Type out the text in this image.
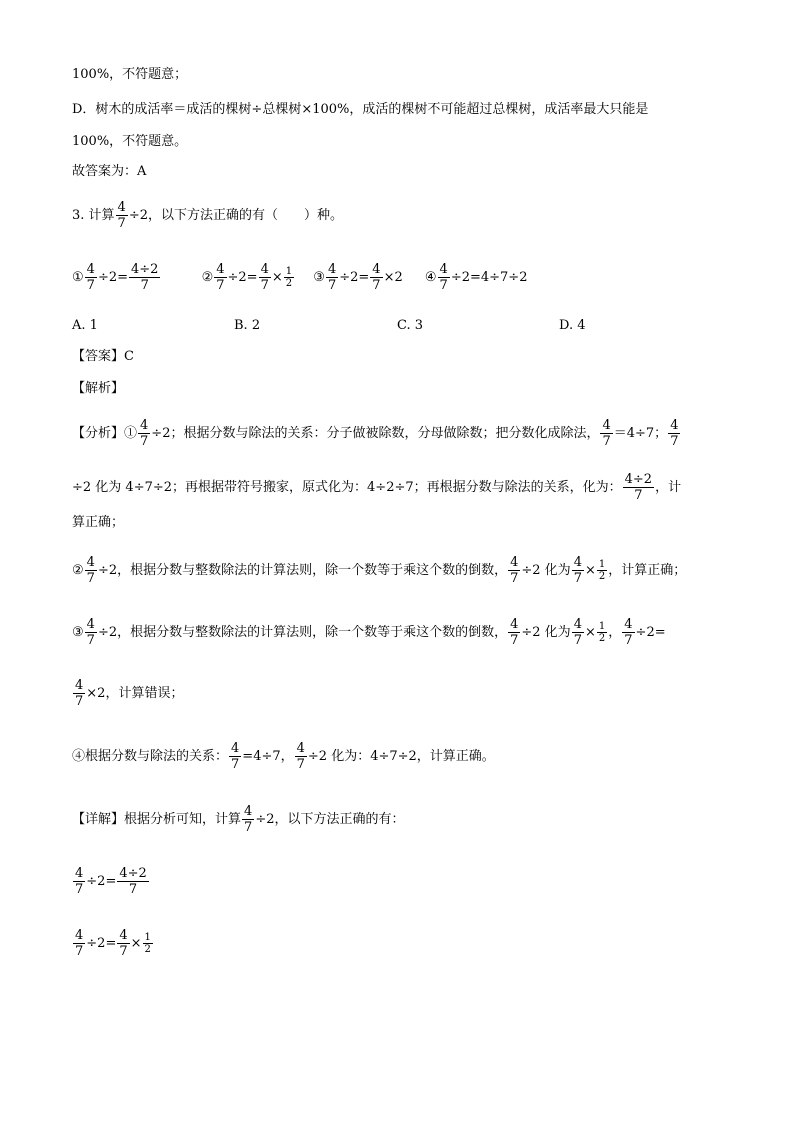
100%，不符题意；
D．树木的成活率＝成活的棵树÷总棵树×100%，成活的棵树不可能超过总棵树，成活率最大只能是
100%，不符题意。
故答案为：A
3. 计算 $\frac{4}{7} \div 2$，以下方法正确的有（　　）种。
① $\frac{4}{7} \div 2= \frac{4\div 2}{7}$
	② $\frac{4}{7} \div 2= \frac{4}{7} \times \frac{1}{2}$
③ $\frac{4}{7} \div 2= \frac{4}{7} \times 2$
④ $\frac{4}{7} \div 2=4\div 7\div 2$
A. 1	B. 2	C. 3	D. 4
【答案】C
【解析】
【分析】① $\frac{4}{7} \div 2$；根据分数与除法的关系：分子做被除数，分母做除数；把分数化成除法， 4
7
＝4÷7； 4
7
÷2 化为 4÷7÷2；再根据带符号搬家，原式化为：4÷2÷7；再根据分数与除法的关系，化为： 4÷2
7
，计
算正确；
② $\frac{4}{7} \div 2$，根据分数与整数除法的计算法则，除一个数等于乘这个数的倒数， $\frac{4}{7} \div 2$ 化为 $\frac{4}{7} \times \frac{1}{2}$ ，计算正确；
③ $\frac{4}{7} \div 2$，根据分数与整数除法的计算法则，除一个数等于乘这个数的倒数， $\frac{4}{7} \div 2$ 化为 $\frac{4}{7} \times \frac{1}{2}$ ， $\frac{4}{7} \div 2=$
$\frac{4}{7} \times 2$，计算错误；
④根据分数与除法的关系： $\frac{4}{7} =4\div 7$， $\frac{4}{7} \div 2$ 化为：4÷7÷2，计算正确。
【详解】 根据分析可知，计算 $\frac{4}{7} \div 2$，以下方法正确的有：
$\frac{4}{7} \div 2= \frac{4\div 2}{7}$
$\frac{4}{7} \div 2= \frac{4}{7} \times \frac{1}{2}$
